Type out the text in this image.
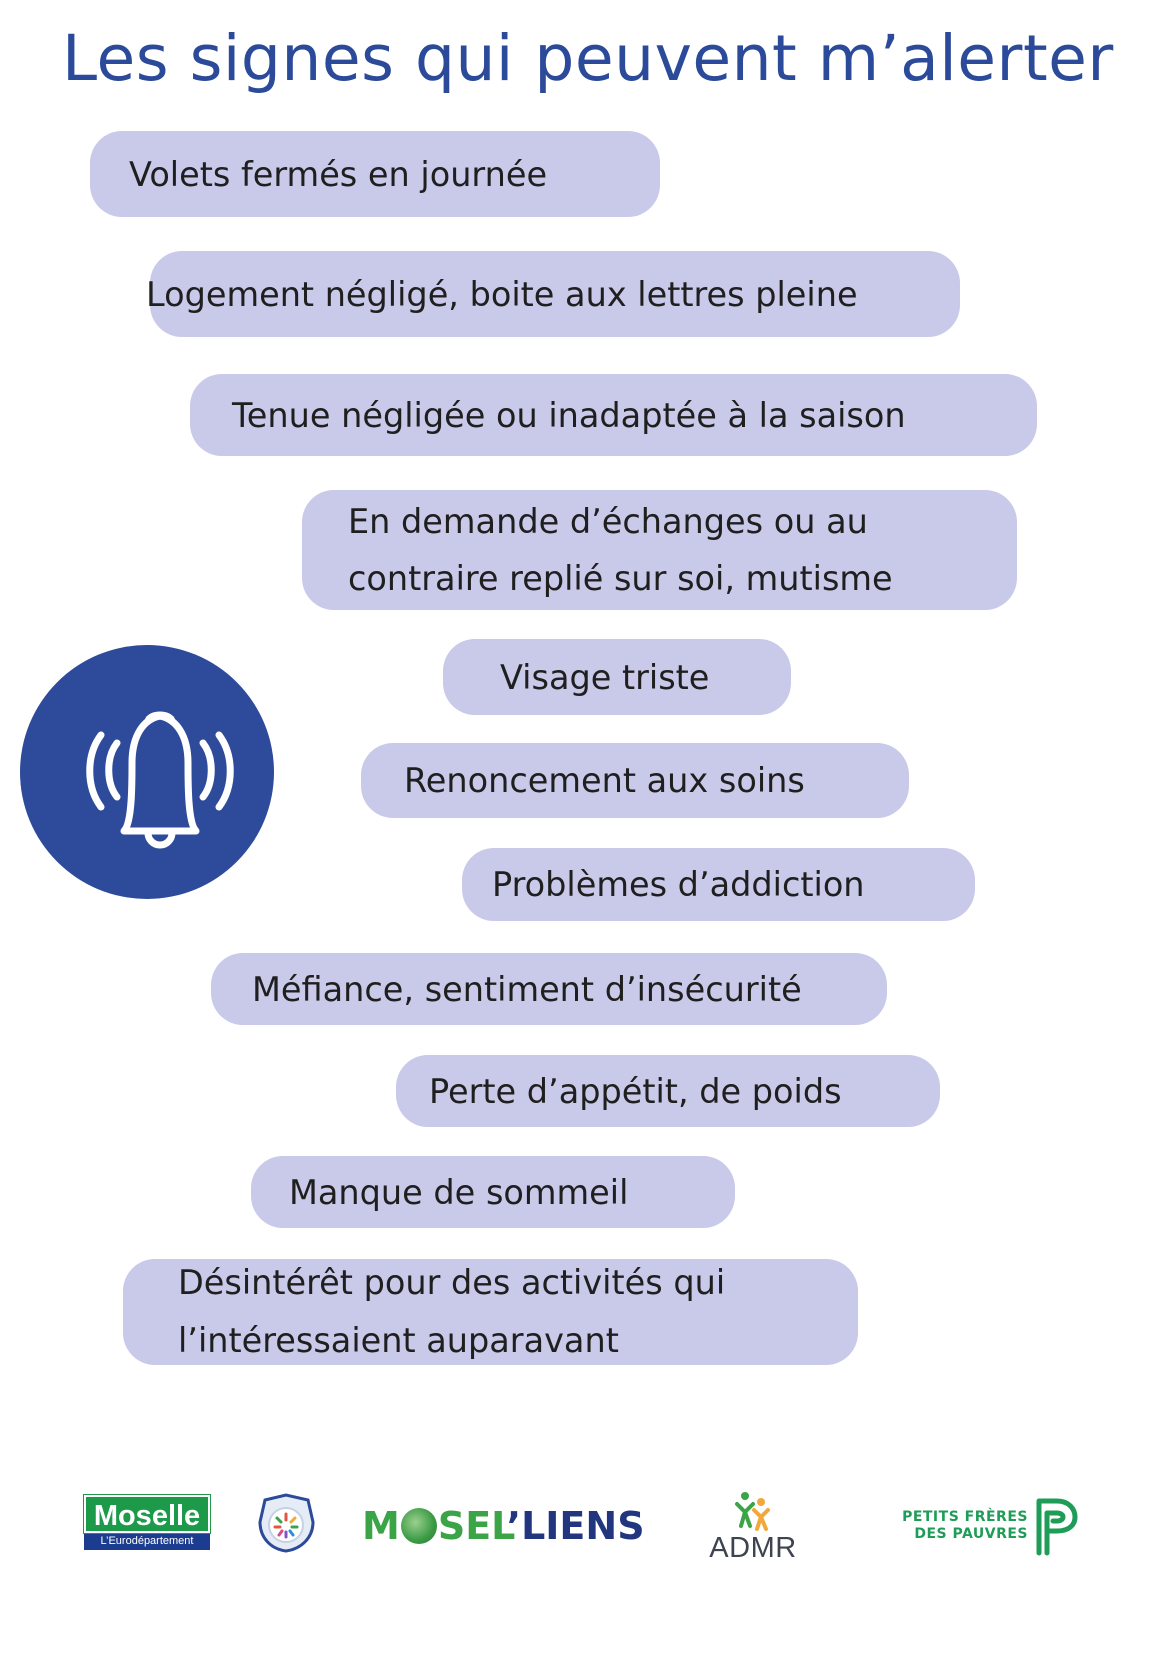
Les signes qui peuvent m’alerter
Volets fermés en journée
Logement négligé, boite aux lettres pleine
Tenue négligée ou inadaptée à la saison
En demande d’échanges ou au
contraire replié sur soi, mutisme
Visage triste
Renoncement aux soins
Problèmes d’addiction
Méfiance, sentiment d’insécurité
Perte d’appétit, de poids
Manque de sommeil
Désintérêt pour des activités qui
l’intéressaient auparavant
Moselle
L’Eurodépartement	M SEL’LIENS	ADMR
PETITS FRÈRES
DES PAUVRES
